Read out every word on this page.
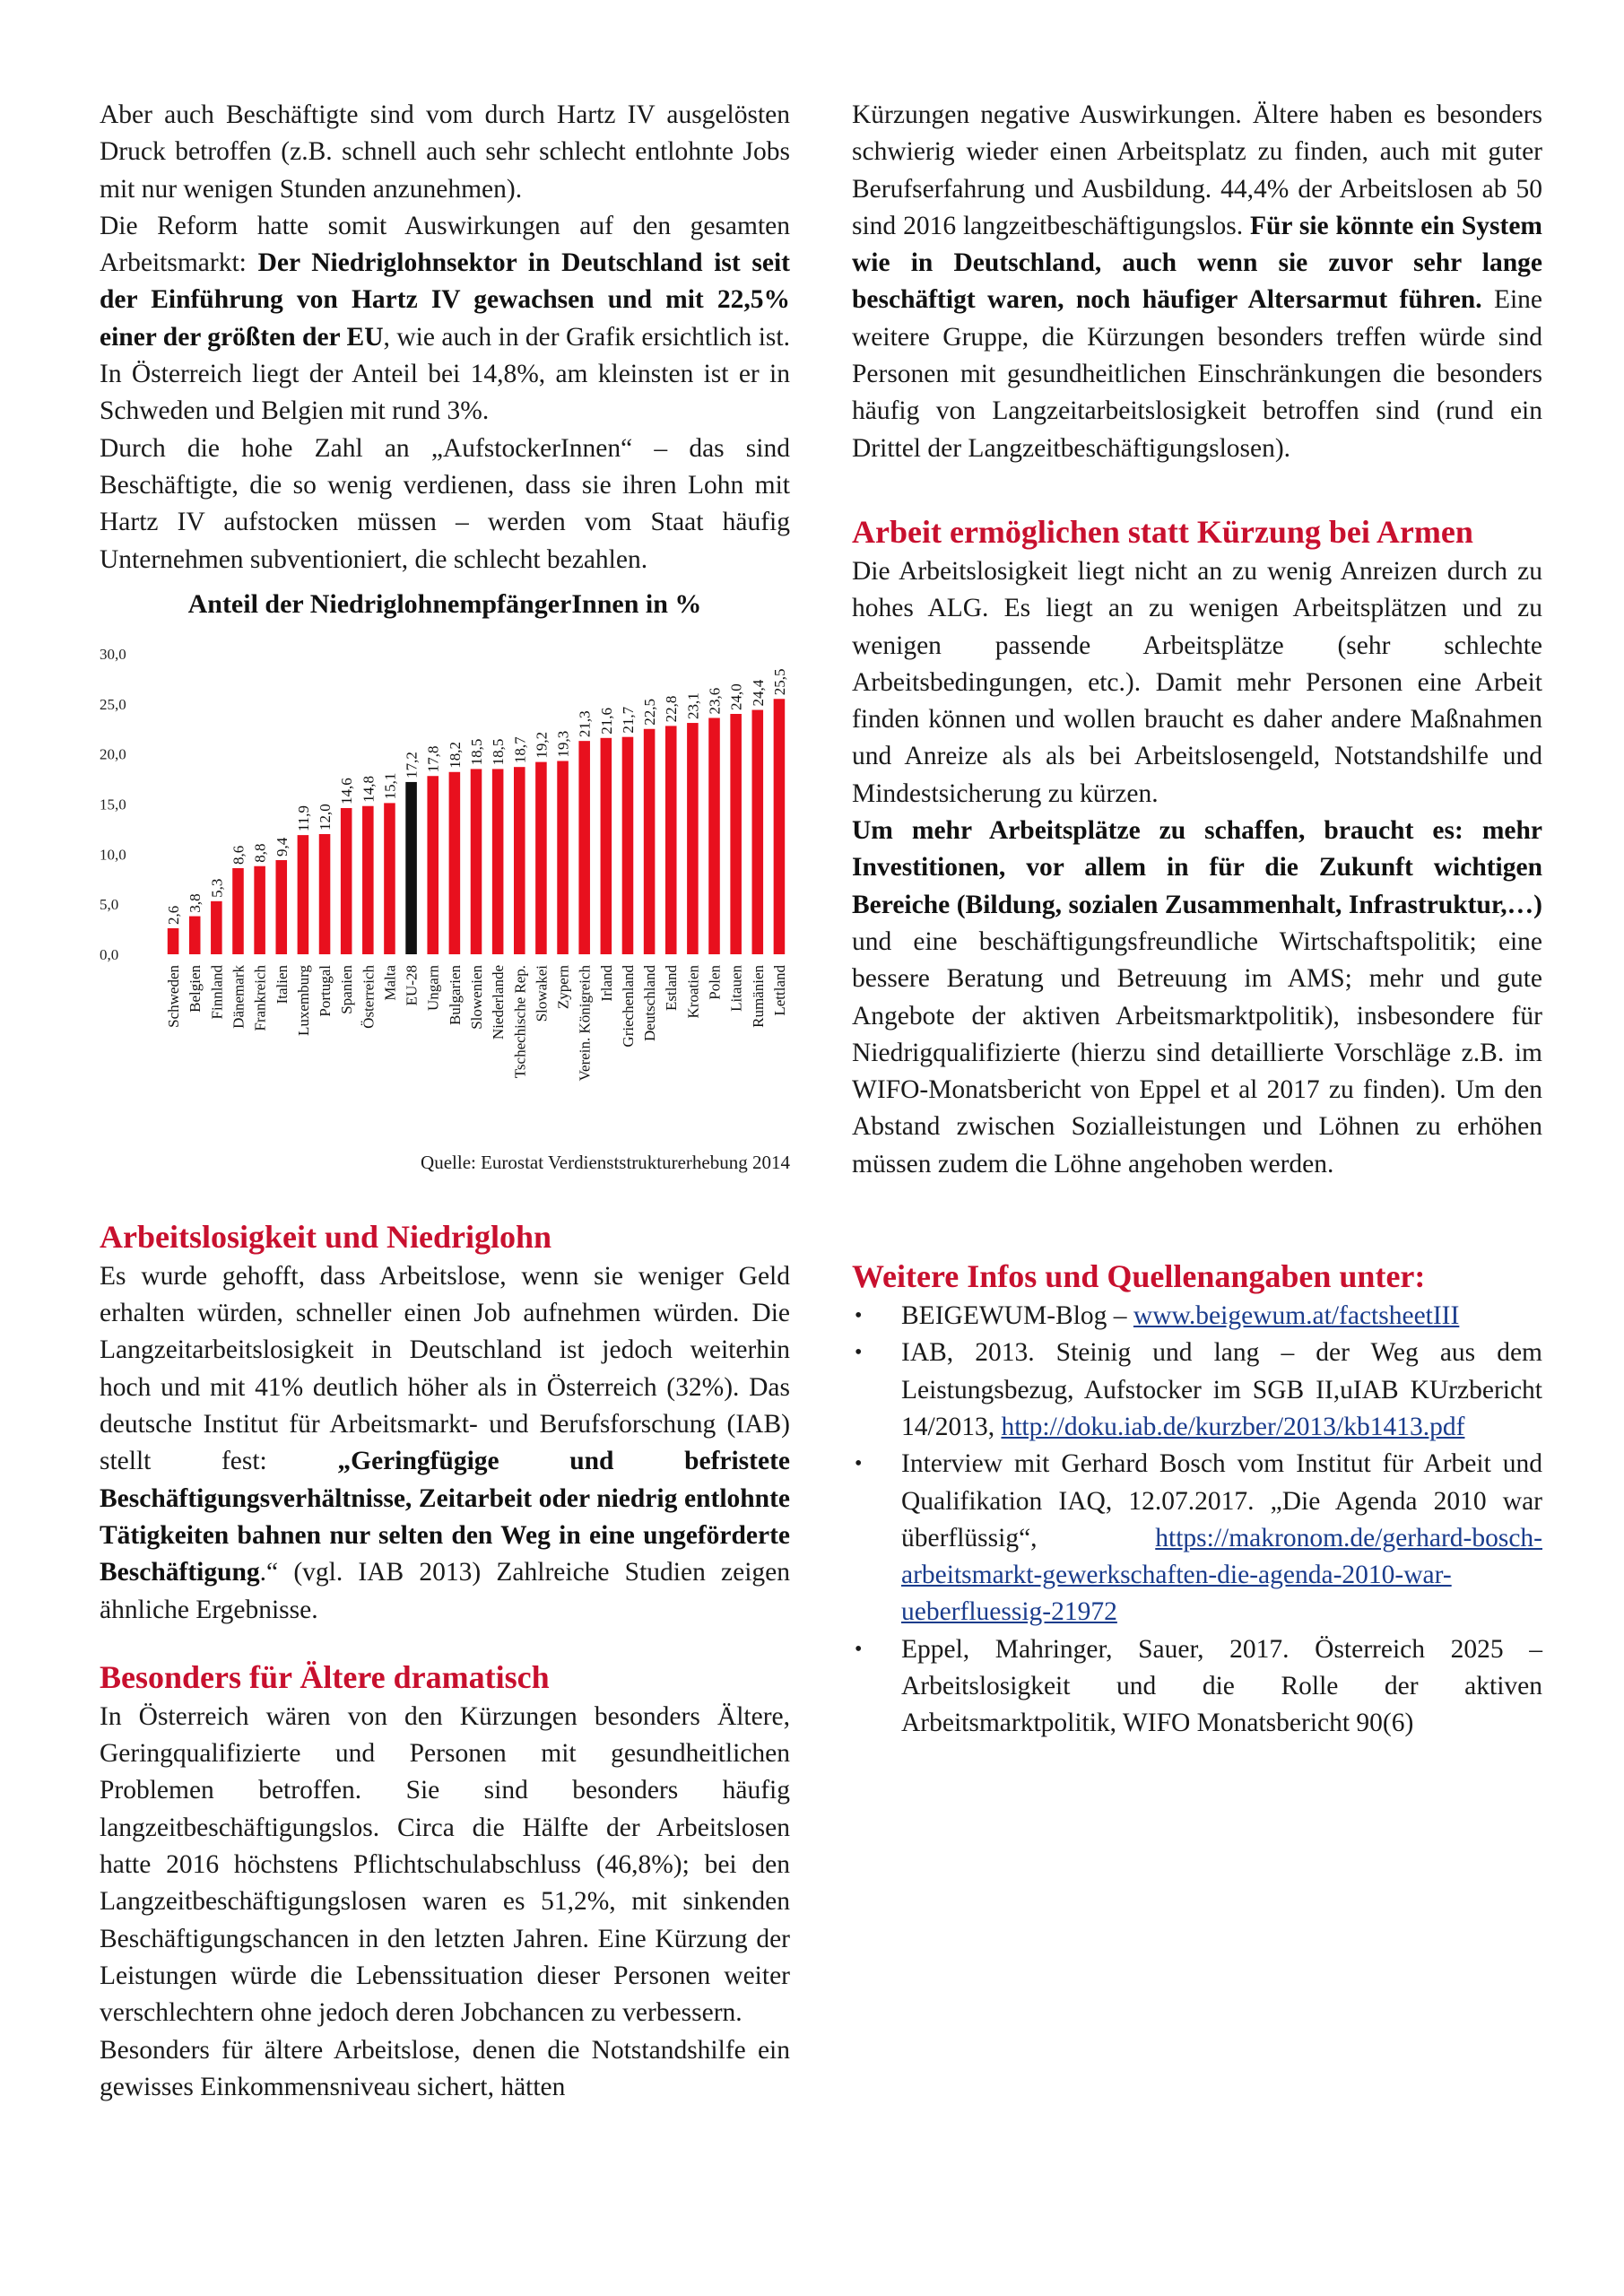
Aber auch Beschäftigte sind vom durch Hartz IV ausgelösten Druck betroffen (z.B. schnell auch sehr schlecht entlohnte Jobs mit nur wenigen Stunden anzunehmen).

Die Reform hatte somit Auswirkungen auf den gesamten Arbeitsmarkt: Der Niedriglohnsektor in Deutschland ist seit der Einführung von Hartz IV gewachsen und mit 22,5% einer der größten der EU, wie auch in der Grafik ersichtlich ist. In Österreich liegt der Anteil bei 14,8%, am kleinsten ist er in Schweden und Belgien mit rund 3%.

Durch die hohe Zahl an „AufstockerInnen“ – das sind Beschäftigte, die so wenig verdienen, dass sie ihren Lohn mit Hartz IV aufstocken müssen – werden vom Staat häufig Unternehmen subventioniert, die schlecht bezahlen.

Anteil der NiedriglohnempfängerInnen in %
0,0
5,0
10,0
15,0
20,0
25,0
30,0
2,6
3,8
5,3
8,6 8,8 9,4
11,9 12,0
14,6 14,8 15,1
17,2 17,8 18,2 18,5 18,5 18,7 19,2 19,3
21,3 21,6 21,7 22,5 22,8 23,1 23,6 24,0 24,4 25,5
Schweden Belgien Finnland Dänemark Frankreich Italien Luxemburg Portugal Spanien Österreich Malta EU-28 Ungarn Bulgarien Slowenien Niederlande Tschechische Rep. Slowakei Zypern Verein. Königreich Irland Griechenland Deutschland Estland Kroatien Polen Litauen Rumänien Lettland
Quelle: Eurostat Verdienststrukturerhebung 2014
Arbeitslosigkeit und Niedriglohn

Es wurde gehofft, dass Arbeitslose, wenn sie weniger Geld erhalten würden, schneller einen Job aufnehmen würden. Die Langzeitarbeitslosigkeit in Deutschland ist jedoch weiterhin hoch und mit 41% deutlich höher als in Österreich (32%). Das deutsche Institut für Arbeitsmarkt- und Berufsforschung (IAB) stellt fest: „Geringfügige und befristete Beschäftigungsverhältnisse, Zeitarbeit oder niedrig entlohnte Tätigkeiten bahnen nur selten den Weg in eine ungeförderte Beschäftigung.“ (vgl. IAB 2013) Zahlreiche Studien zeigen ähnliche Ergebnisse.

Besonders für Ältere dramatisch

In Österreich wären von den Kürzungen besonders Ältere, Geringqualifizierte und Personen mit gesundheitlichen Problemen betroffen. Sie sind besonders häufig langzeitbeschäftigungslos. Circa die Hälfte der Arbeitslosen hatte 2016 höchstens Pflichtschulabschluss (46,8%); bei den Langzeitbeschäftigungslosen waren es 51,2%, mit sinkenden Beschäftigungschancen in den letzten Jahren. Eine Kürzung der Leistungen würde die Lebenssituation dieser Personen weiter verschlechtern ohne jedoch deren Jobchancen zu verbessern.

Besonders für ältere Arbeitslose, denen die Notstandshilfe ein gewisses Einkommensniveau sichert, hätten

Kürzungen negative Auswirkungen. Ältere haben es besonders schwierig wieder einen Arbeitsplatz zu finden, auch mit guter Berufserfahrung und Ausbildung. 44,4% der Arbeitslosen ab 50 sind 2016 langzeitbeschäftigungslos. Für sie könnte ein System wie in Deutschland, auch wenn sie zuvor sehr lange beschäftigt waren, noch häufiger Altersarmut führen. Eine weitere Gruppe, die Kürzungen besonders treffen würde sind Personen mit gesundheitlichen Einschränkungen die besonders häufig von Langzeitarbeitslosigkeit betroffen sind (rund ein Drittel der Langzeitbeschäftigungslosen).

Arbeit ermöglichen statt Kürzung bei Armen

Die Arbeitslosigkeit liegt nicht an zu wenig Anreizen durch zu hohes ALG. Es liegt an zu wenigen Arbeitsplätzen und zu wenigen passende Arbeitsplätze (sehr schlechte Arbeitsbedingungen, etc.). Damit mehr Personen eine Arbeit finden können und wollen braucht es daher andere Maßnahmen und Anreize als als bei Arbeitslosengeld, Notstandshilfe und Mindestsicherung zu kürzen.

Um mehr Arbeitsplätze zu schaffen, braucht es: mehr Investitionen, vor allem in für die Zukunft wichtigen Bereiche (Bildung, sozialen Zusammenhalt, Infrastruktur,…) und eine beschäftigungsfreundliche Wirtschaftspolitik; eine bessere Beratung und Betreuung im AMS; mehr und gute Angebote der aktiven Arbeitsmarktpolitik), insbesondere für Niedrigqualifizierte (hierzu sind detaillierte Vorschläge z.B. im WIFO-Monatsbericht von Eppel et al 2017 zu finden). Um den Abstand zwischen Sozialleistungen und Löhnen zu erhöhen müssen zudem die Löhne angehoben werden.

Weitere Infos und Quellenangaben unter:
• BEIGEWUM-Blog – www.beigewum.at/factsheetIII
• IAB, 2013. Steinig und lang – der Weg aus dem Leistungsbezug, Aufstocker im SGB II,uIAB KUrzbericht 14/2013, http://doku.iab.de/kurzber/2013/kb1413.pdf
• Interview mit Gerhard Bosch vom Institut für Arbeit und Qualifikation IAQ, 12.07.2017. „Die Agenda 2010 war überflüssig“, https://makronom.de/gerhard-bosch-arbeitsmarkt-gewerkschaften-die-agenda-2010-war-ueberfluessig-21972
• Eppel, Mahringer, Sauer, 2017. Österreich 2025 – Arbeitslosigkeit und die Rolle der aktiven Arbeitsmarktpolitik, WIFO Monatsbericht 90(6)
